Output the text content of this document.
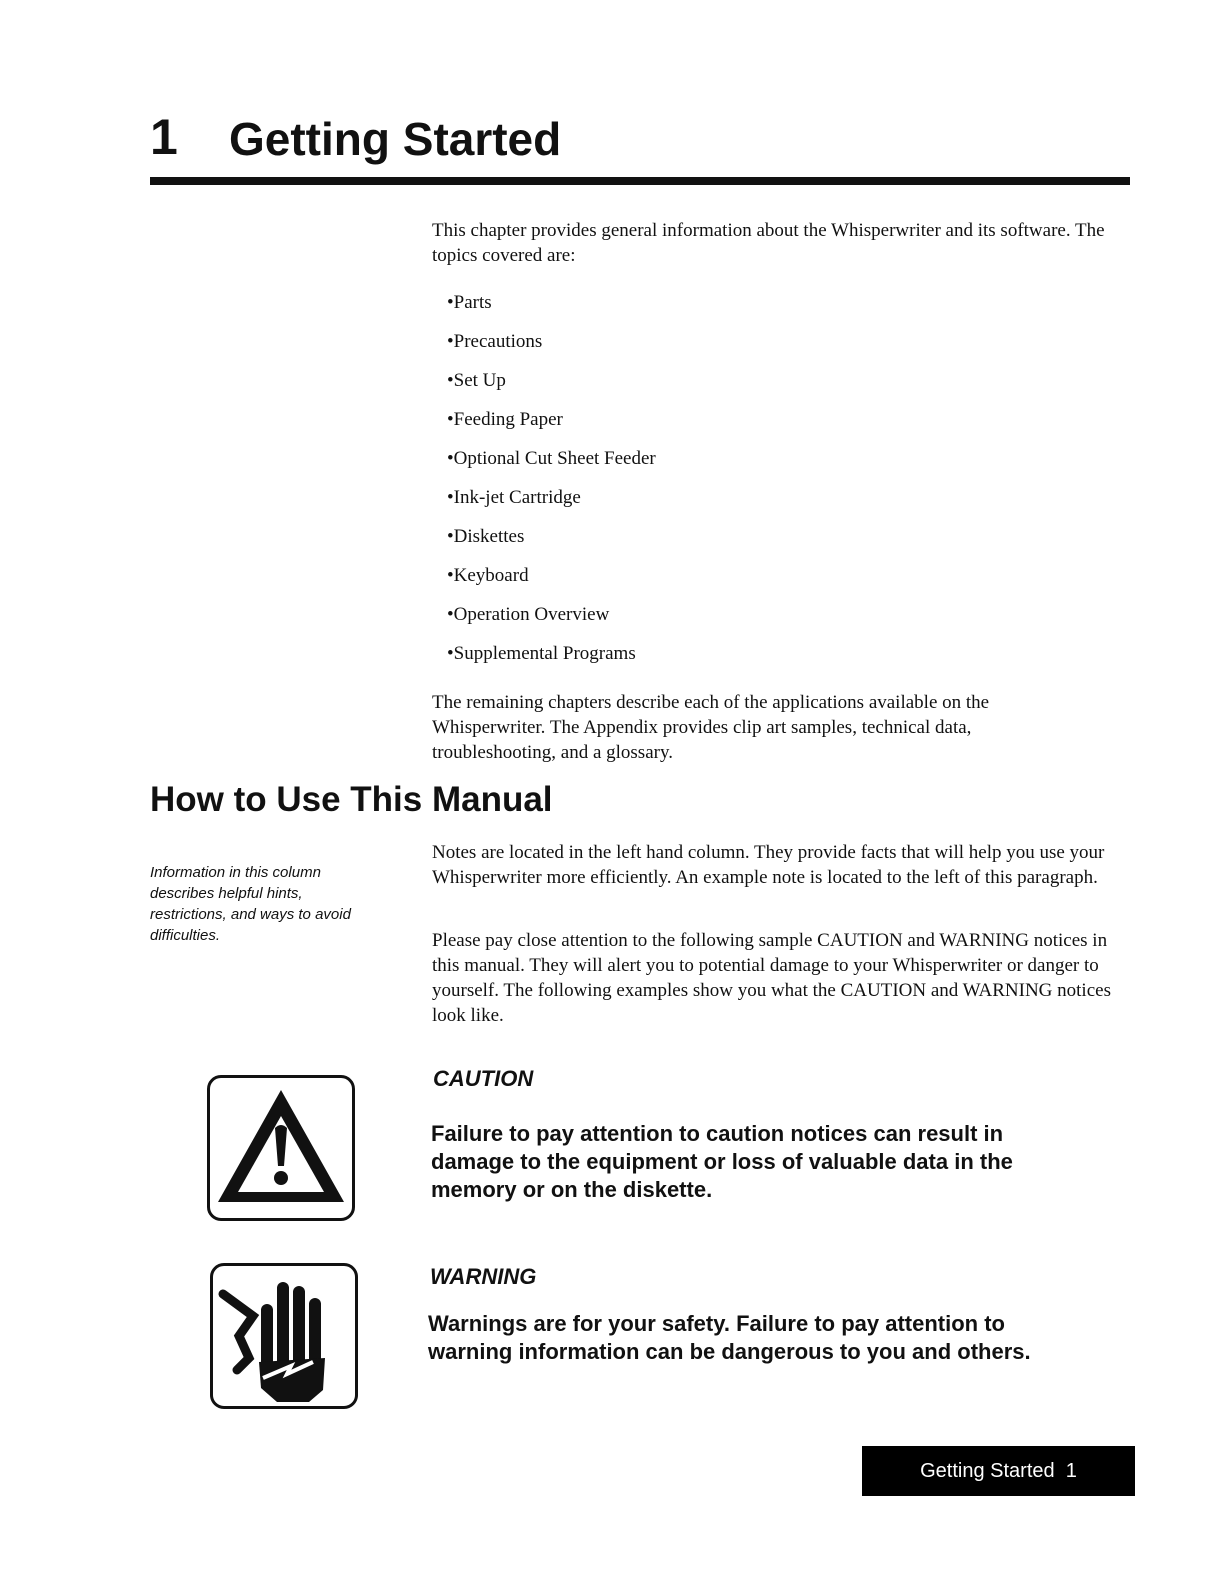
1 Getting Started
This chapter provides general information about the Whisperwriter and its software. The topics covered are:
•Parts
•Precautions
•Set Up
•Feeding Paper
•Optional Cut Sheet Feeder
•Ink-jet Cartridge
•Diskettes
•Keyboard
•Operation Overview
•Supplemental Programs
The remaining chapters describe each of the applications available on the Whisperwriter. The Appendix provides clip art samples, technical data, troubleshooting, and a glossary.
How to Use This Manual
Information in this column describes helpful hints, restrictions, and ways to avoid difficulties.
Notes are located in the left hand column. They provide facts that will help you use your Whisperwriter more efficiently. An example note is located to the left of this paragraph.
Please pay close attention to the following sample CAUTION and WARNING notices in this manual. They will alert you to potential damage to your Whisperwriter or danger to yourself. The following examples show you what the CAUTION and WARNING notices look like.
CAUTION
Failure to pay attention to caution notices can result in damage to the equipment or loss of valuable data in the memory or on the diskette.
WARNING
Warnings are for your safety. Failure to pay attention to warning information can be dangerous to you and others.
Getting Started  1
